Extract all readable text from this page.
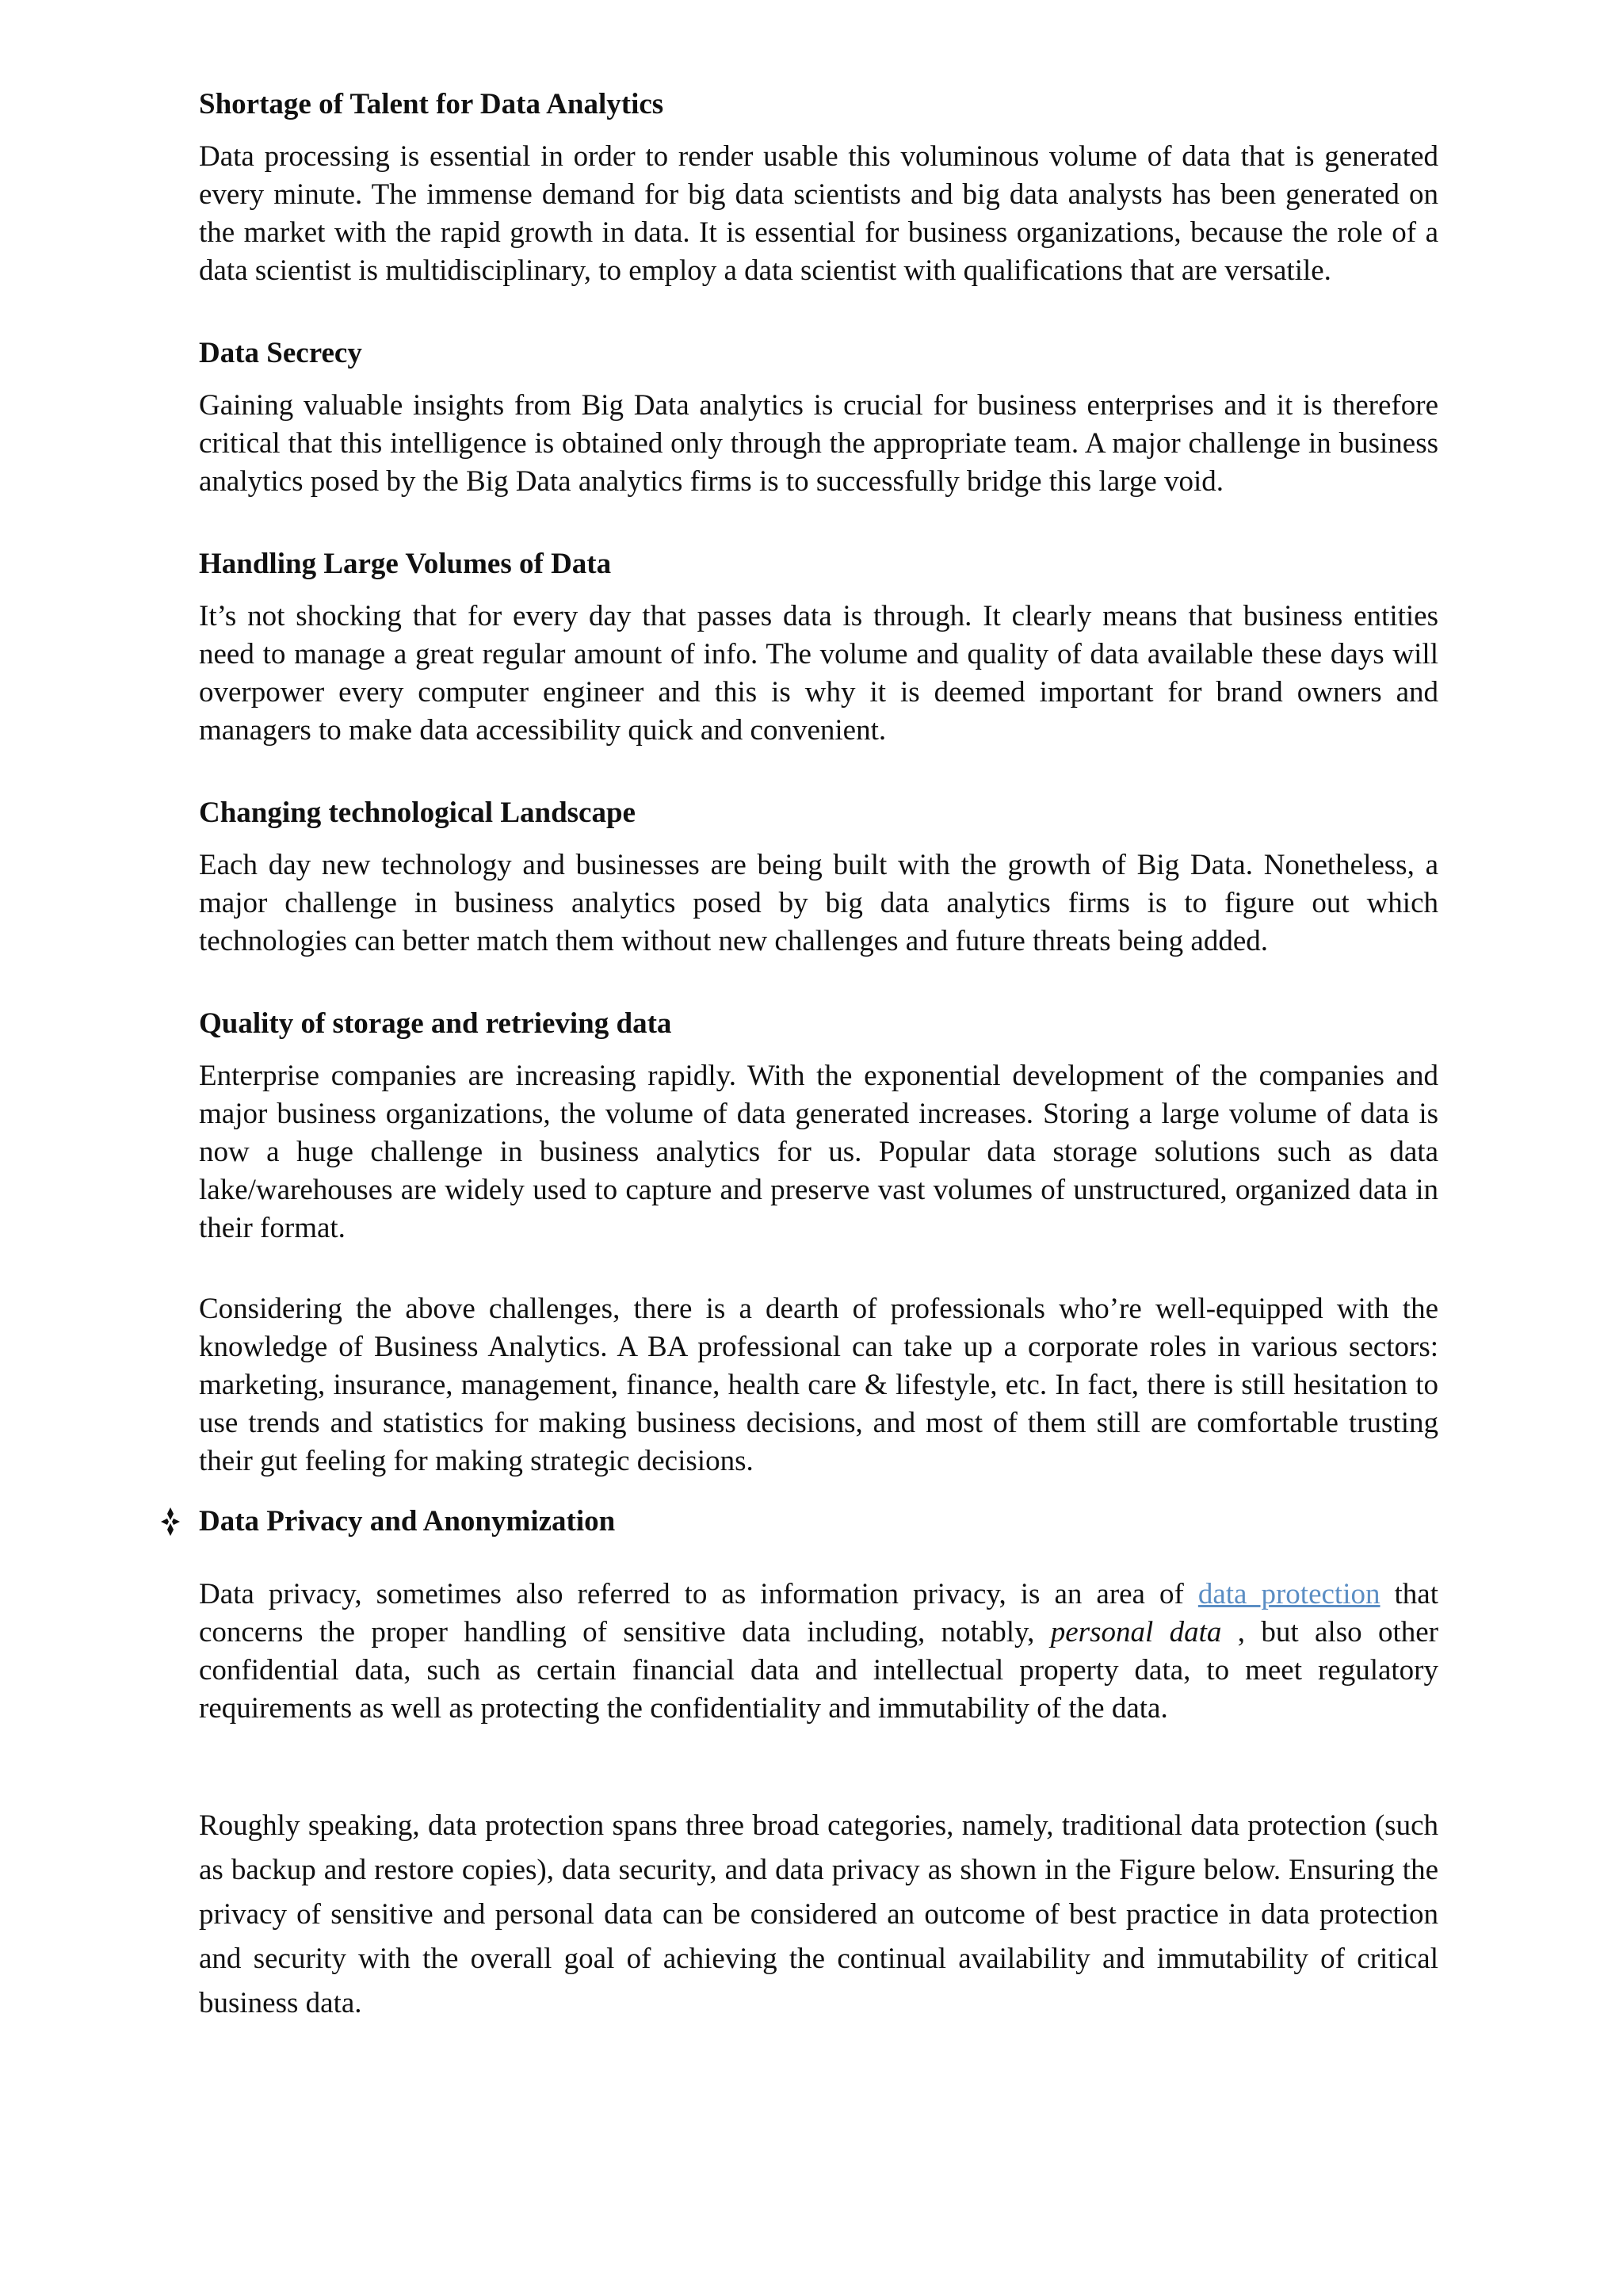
Shortage of Talent for Data Analytics

Data processing is essential in order to render usable this voluminous volume of data that is generated every minute. The immense demand for big data scientists and big data analysts has been generated on the market with the rapid growth in data. It is essential for business organizations, because the role of a data scientist is multidisciplinary, to employ a data scientist with qualifications that are versatile.

Data Secrecy

Gaining valuable insights from Big Data analytics is crucial for business enterprises and it is therefore critical that this intelligence is obtained only through the appropriate team. A major challenge in business analytics posed by the Big Data analytics firms is to successfully bridge this large void.

Handling Large Volumes of Data

It’s not shocking that for every day that passes data is through. It clearly means that business entities need to manage a great regular amount of info. The volume and quality of data available these days will overpower every computer engineer and this is why it is deemed important for brand owners and managers to make data accessibility quick and convenient.

Changing technological Landscape

Each day new technology and businesses are being built with the growth of Big Data. Nonetheless, a major challenge in business analytics posed by big data analytics firms is to figure out which technologies can better match them without new challenges and future threats being added.

Quality of storage and retrieving data

Enterprise companies are increasing rapidly. With the exponential development of the companies and major business organizations, the volume of data generated increases. Storing a large volume of data is now a huge challenge in business analytics for us. Popular data storage solutions such as data lake/warehouses are widely used to capture and preserve vast volumes of unstructured, organized data in their format.

Considering the above challenges, there is a dearth of professionals who’re well-equipped with the knowledge of Business Analytics. A BA professional can take up a corporate roles in various sectors: marketing, insurance, management, finance, health care & lifestyle, etc. In fact, there is still hesitation to use trends and statistics for making business decisions, and most of them still are comfortable trusting their gut feeling for making strategic decisions.

Data Privacy and Anonymization

Data privacy, sometimes also referred to as information privacy, is an area of data protection that concerns the proper handling of sensitive data including, notably, personal data , but also other confidential data, such as certain financial data and intellectual property data, to meet regulatory requirements as well as protecting the confidentiality and immutability of the data.

Roughly speaking, data protection spans three broad categories, namely, traditional data protection (such as backup and restore copies), data security, and data privacy as shown in the Figure below. Ensuring the privacy of sensitive and personal data can be considered an outcome of best practice in data protection and security with the overall goal of achieving the continual availability and immutability of critical business data.
